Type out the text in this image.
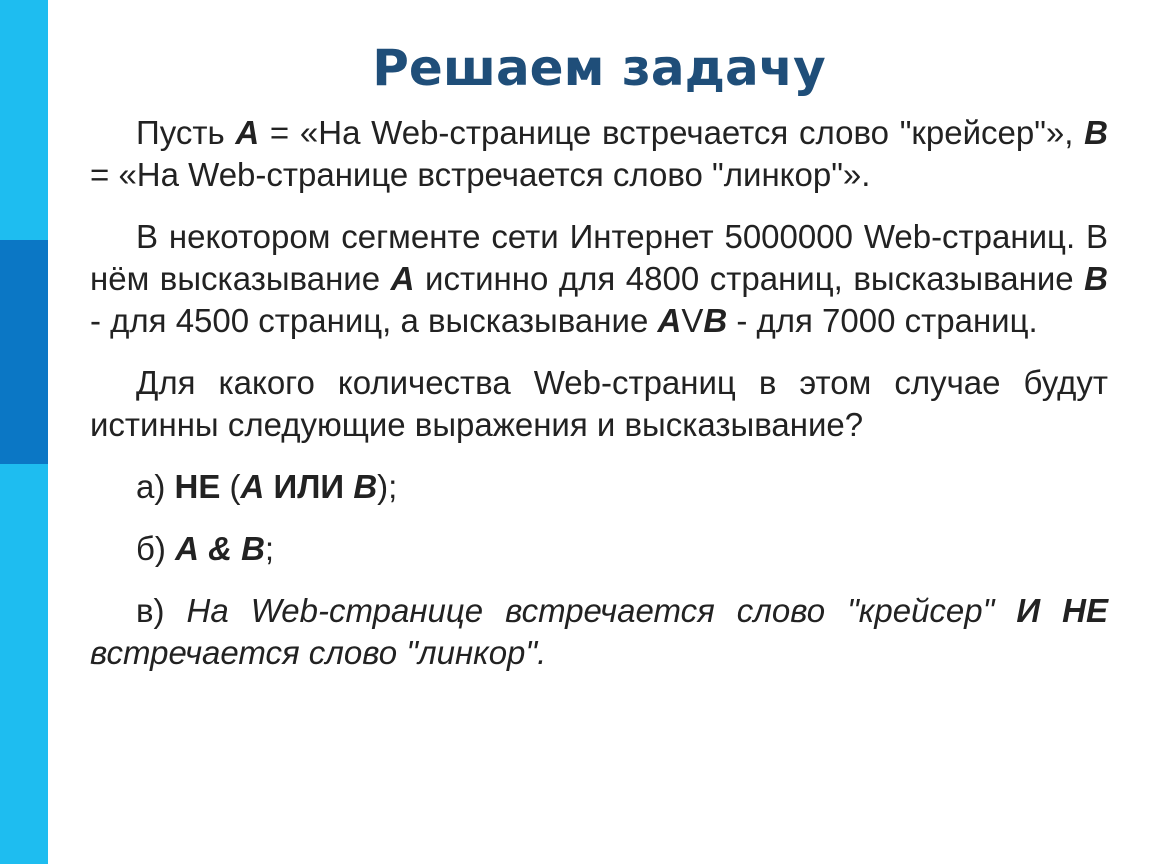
Решаем задачу

Пусть A = «На Web-странице встречается слово "крейсер"», B = «На Web-странице встречается слово "линкор"».

В некотором сегменте сети Интернет 5000000 Web-страниц. В нём высказывание A истинно для 4800 страниц, высказывание B - для 4500 страниц, а высказывание AVB - для 7000 страниц.

Для какого количества Web-страниц в этом случае будут истинны следующие выражения и высказывание?

а) НЕ (А ИЛИ В);

б) А & В;

в) На Web-странице встречается слово "крейсер" И НЕ встречается слово "линкор".
